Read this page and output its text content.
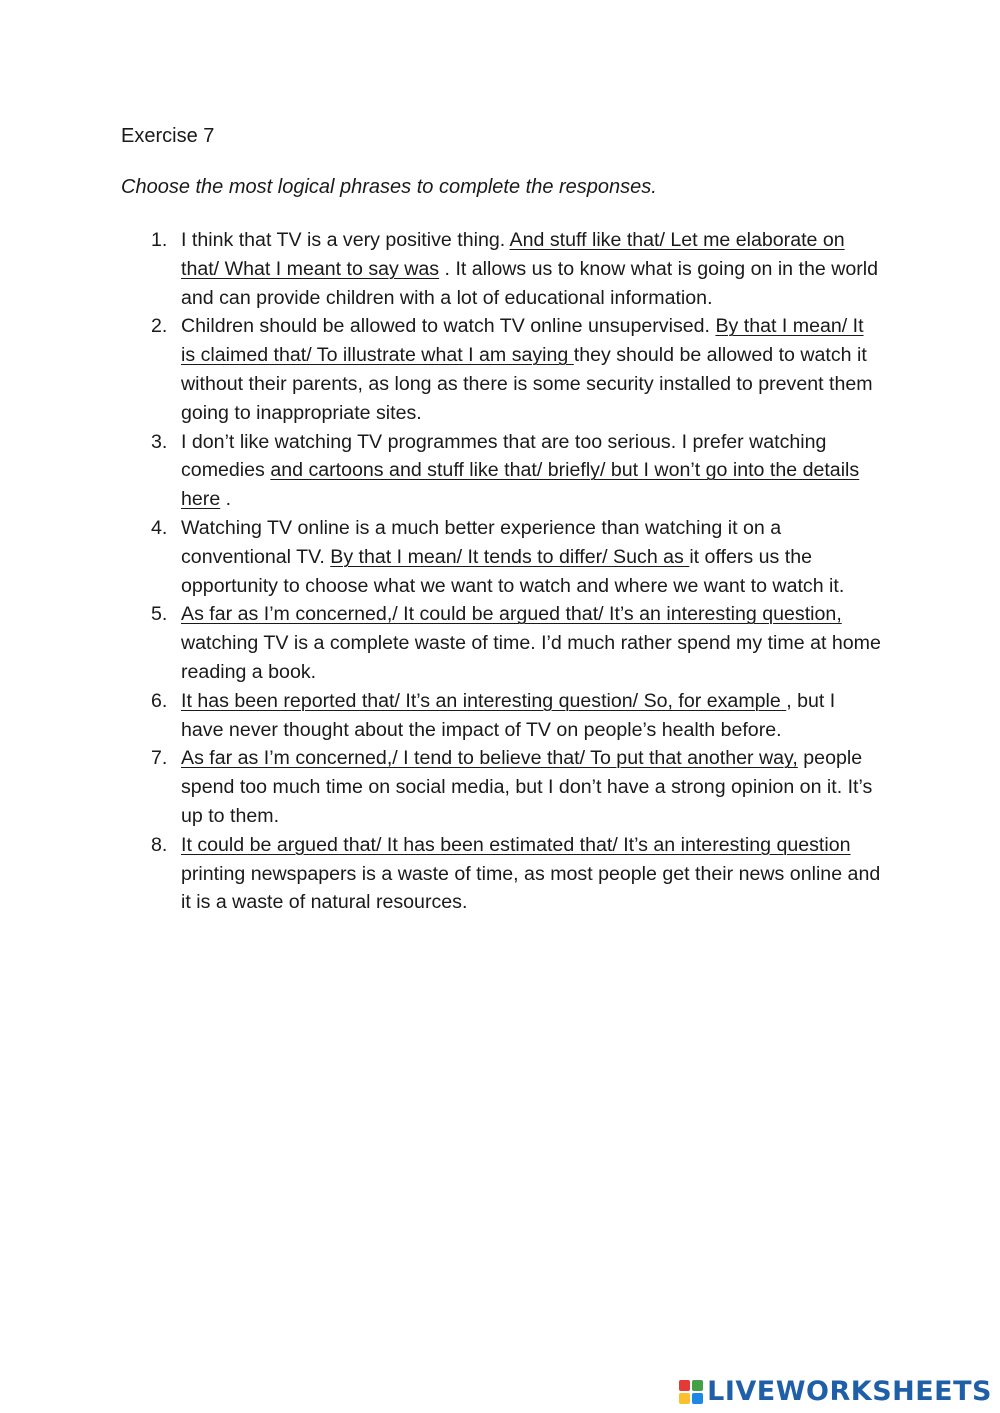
Exercise 7

Choose the most logical phrases to complete the responses.

1. I think that TV is a very positive thing. And stuff like that/ Let me elaborate on that/ What I meant to say was . It allows us to know what is going on in the world and can provide children with a lot of educational information.
2. Children should be allowed to watch TV online unsupervised. By that I mean/ It is claimed that/ To illustrate what I am saying they should be allowed to watch it without their parents, as long as there is some security installed to prevent them going to inappropriate sites.
3. I don’t like watching TV programmes that are too serious. I prefer watching comedies and cartoons and stuff like that/ briefly/ but I won’t go into the details here .
4. Watching TV online is a much better experience than watching it on a conventional TV. By that I mean/ It tends to differ/ Such as it offers us the opportunity to choose what we want to watch and where we want to watch it.
5. As far as I’m concerned,/ It could be argued that/ It’s an interesting question, watching TV is a complete waste of time. I’d much rather spend my time at home reading a book.
6. It has been reported that/ It’s an interesting question/ So, for example , but I have never thought about the impact of TV on people’s health before.
7. As far as I’m concerned,/ I tend to believe that/ To put that another way, people spend too much time on social media, but I don’t have a strong opinion on it. It’s up to them.
8. It could be argued that/ It has been estimated that/ It’s an interesting question printing newspapers is a waste of time, as most people get their news online and it is a waste of natural resources.
LIVEWORKSHEETS
